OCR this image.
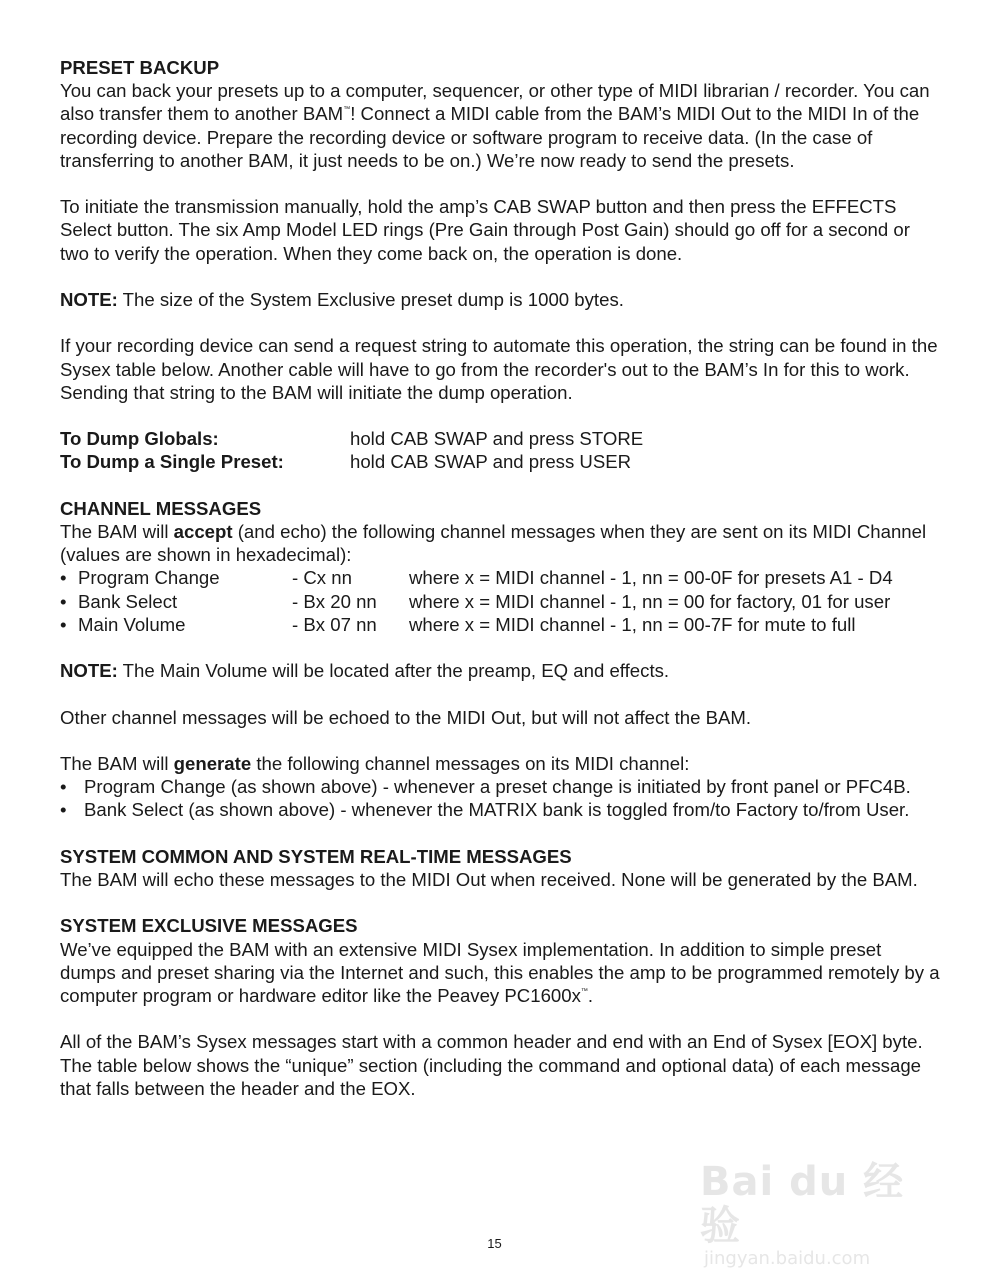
PRESET BACKUP

You can back your presets up to a computer, sequencer, or other type of MIDI librarian / recorder. You can also transfer them to another BAM™! Connect a MIDI cable from the BAM’s MIDI Out to the MIDI In of the recording device. Prepare the recording device or software program to receive data. (In the case of transferring to another BAM, it just needs to be on.) We’re now ready to send the presets.

To initiate the transmission manually, hold the amp’s CAB SWAP button and then press the EFFECTS Select button. The six Amp Model LED rings (Pre Gain through Post Gain) should go off for a second or two to verify the operation. When they come back on, the operation is done.

NOTE: The size of the System Exclusive preset dump is 1000 bytes.

If your recording device can send a request string to automate this operation, the string can be found in the Sysex table below. Another cable will have to go from the recorder's out to the BAM’s In for this to work. Sending that string to the BAM will initiate the dump operation.

To Dump Globals:	hold CAB SWAP and press STORE
To Dump a Single Preset:	hold CAB SWAP and press USER

CHANNEL MESSAGES

The BAM will accept (and echo) the following channel messages when they are sent on its MIDI Channel (values are shown in hexadecimal):

• Program Change	- Cx nn	where x = MIDI channel - 1, nn = 00-0F for presets A1 - D4
• Bank Select	- Bx 20 nn	where x = MIDI channel - 1, nn = 00 for factory, 01 for user
• Main Volume	- Bx 07 nn	where x = MIDI channel - 1, nn = 00-7F for mute to full

NOTE: The Main Volume will be located after the preamp, EQ and effects.

Other channel messages will be echoed to the MIDI Out, but will not affect the BAM.

The BAM will generate the following channel messages on its MIDI channel:

• Program Change (as shown above) - whenever a preset change is initiated by front panel or PFC4B.
• Bank Select (as shown above) - whenever the MATRIX bank is toggled from/to Factory to/from User.

SYSTEM COMMON AND SYSTEM REAL-TIME MESSAGES

The BAM will echo these messages to the MIDI Out when received. None will be generated by the BAM.

SYSTEM EXCLUSIVE MESSAGES

We’ve equipped the BAM with an extensive MIDI Sysex implementation. In addition to simple preset dumps and preset sharing via the Internet and such, this enables the amp to be programmed remotely by a computer program or hardware editor like the Peavey PC1600x™.

All of the BAM’s Sysex messages start with a common header and end with an End of Sysex [EOX] byte. The table below shows the “unique” section (including the command and optional data) of each message that falls between the header and the EOX.

Bai du 经验
jingyan.baidu.com
15
